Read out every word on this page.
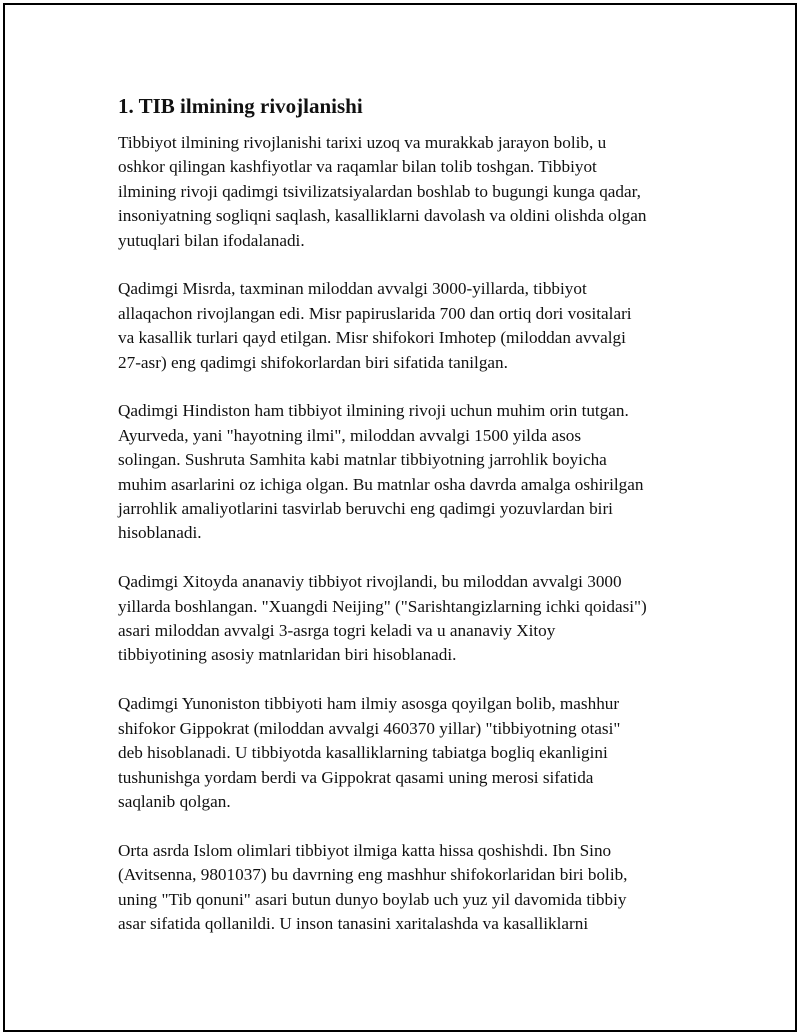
1. TIB ilmining rivojlanishi

Tibbiyot ilmining rivojlanishi tarixi uzoq va murakkab jarayon bolib, u
oshkor qilingan kashfiyotlar va raqamlar bilan tolib toshgan. Tibbiyot
ilmining rivoji qadimgi tsivilizatsiyalardan boshlab to bugungi kunga qadar,
insoniyatning sogliqni saqlash, kasalliklarni davolash va oldini olishda olgan
yutuqlari bilan ifodalanadi.

Qadimgi Misrda, taxminan miloddan avvalgi 3000-yillarda, tibbiyot
allaqachon rivojlangan edi. Misr papiruslarida 700 dan ortiq dori vositalari
va kasallik turlari qayd etilgan. Misr shifokori Imhotep (miloddan avvalgi
27-asr) eng qadimgi shifokorlardan biri sifatida tanilgan.

Qadimgi Hindiston ham tibbiyot ilmining rivoji uchun muhim orin tutgan.
Ayurveda, yani "hayotning ilmi", miloddan avvalgi 1500 yilda asos
solingan. Sushruta Samhita kabi matnlar tibbiyotning jarrohlik boyicha
muhim asarlarini oz ichiga olgan. Bu matnlar osha davrda amalga oshirilgan
jarrohlik amaliyotlarini tasvirlab beruvchi eng qadimgi yozuvlardan biri
hisoblanadi.

Qadimgi Xitoyda ananaviy tibbiyot rivojlandi, bu miloddan avvalgi 3000
yillarda boshlangan. "Xuangdi Neijing" ("Sarishtangizlarning ichki qoidasi")
asari miloddan avvalgi 3-asrga togri keladi va u ananaviy Xitoy
tibbiyotining asosiy matnlaridan biri hisoblanadi.

Qadimgi Yunoniston tibbiyoti ham ilmiy asosga qoyilgan bolib, mashhur
shifokor Gippokrat (miloddan avvalgi 460370 yillar) "tibbiyotning otasi"
deb hisoblanadi. U tibbiyotda kasalliklarning tabiatga bogliq ekanligini
tushunishga yordam berdi va Gippokrat qasami uning merosi sifatida
saqlanib qolgan.

Orta asrda Islom olimlari tibbiyot ilmiga katta hissa qoshishdi. Ibn Sino
(Avitsenna, 9801037) bu davrning eng mashhur shifokorlaridan biri bolib,
uning "Tib qonuni" asari butun dunyo boylab uch yuz yil davomida tibbiy
asar sifatida qollanildi. U inson tanasini xaritalashda va kasalliklarni
